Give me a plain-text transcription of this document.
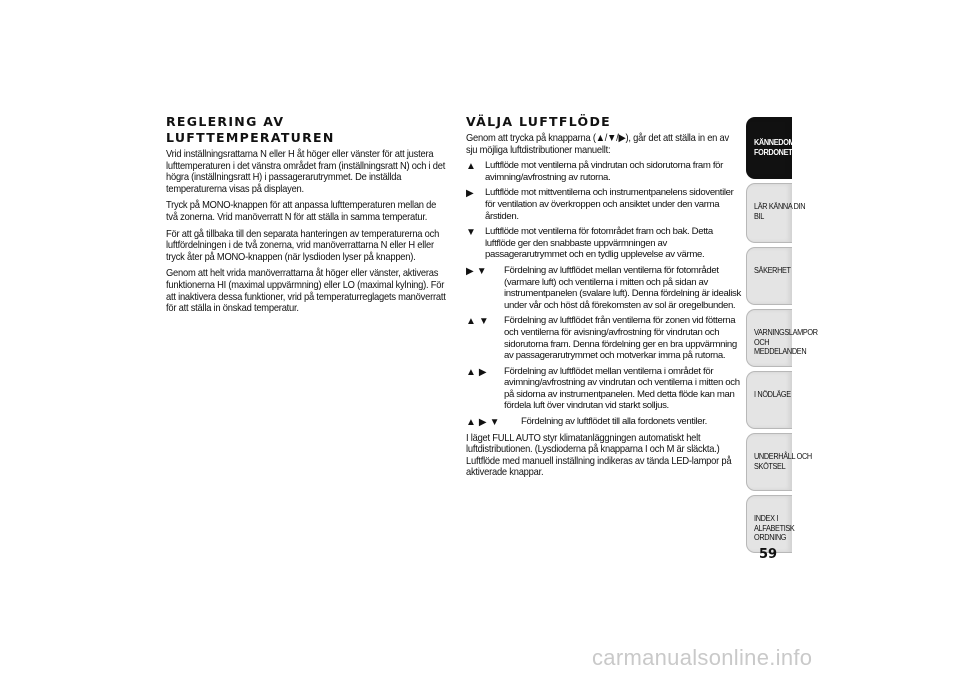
REGLERING AV LUFTTEMPERATUREN

Vrid inställningsrattarna N eller H åt höger eller vänster för att justera lufttemperaturen i det vänstra området fram (inställningsratt N) och i det högra (inställningsratt H) i passagerarutrymmet. De inställda temperaturerna visas på displayen.

Tryck på MONO-knappen för att anpassa lufttemperaturen mellan de två zonerna. Vrid manöverratt N för att ställa in samma temperatur.

För att gå tillbaka till den separata hanteringen av temperaturerna och luftfördelningen i de två zonerna, vrid manöverrattarna N eller H eller tryck åter på MONO-knappen (när lysdioden lyser på knappen).

Genom att helt vrida manöverrattarna åt höger eller vänster, aktiveras funktionerna HI (maximal uppvärmning) eller LO (maximal kylning). För att inaktivera dessa funktioner, vrid på temperaturreglagets manöverratt för att ställa in önskad temperatur.

VÄLJA LUFTFLÖDE

Genom att trycka på knapparna (▲/▼/▶), går det att ställa in en av sju möjliga luftdistributioner manuellt:

▲ Luftflöde mot ventilerna på vindrutan och sidorutorna fram för avimning/avfrostning av rutorna.

▶	Luftflöde mot mittventilerna och instrumentpanelens sidoventiler för ventilation av överkroppen och ansiktet under den varma årstiden.

▼ Luftflöde mot ventilerna för fotområdet fram och bak. Detta luftflöde ger den snabbaste uppvärmningen av passagerarutrymmet och en tydlig upplevelse av värme.

▶ ▼	Fördelning av luftflödet mellan ventilerna för fotområdet (varmare luft) och ventilerna i mitten och på sidan av instrumentpanelen (svalare luft). Denna fördelning är idealisk under vår och höst då förekomsten av sol är oregelbunden.

▲ ▼	Fördelning av luftflödet från ventilerna för zonen vid fötterna och ventilerna för avisning/avfrostning för vindrutan och sidorutorna fram. Denna fördelning ger en bra uppvärmning av passagerarutrymmet och motverkar imma på rutorna.

▲ ▶	Fördelning av luftflödet mellan ventilerna i området för avimning/avfrostning av vindrutan och ventilerna i mitten och på sidorna av instrumentpanelen. Med detta flöde kan man fördela luft över vindrutan vid starkt solljus.

▲ ▶ ▼	Fördelning av luftflödet till alla fordonets ventiler.

I läget FULL AUTO styr klimatanläggningen automatiskt helt luftdistributionen. (Lysdioderna på knapparna I och M är släckta.) Luftflöde med manuell inställning indikeras av tända LED-lampor på aktiverade knappar.

KÄNNEDOM OM FORDONET
LÄR KÄNNA DIN BIL
SÄKERHET
VARNINGSLAMPOR OCH MEDDELANDEN
I NÖDLÄGE
UNDERHÅLL OCH SKÖTSEL
INDEX I ALFABETISK ORDNING
59
carmanualsonline.info
